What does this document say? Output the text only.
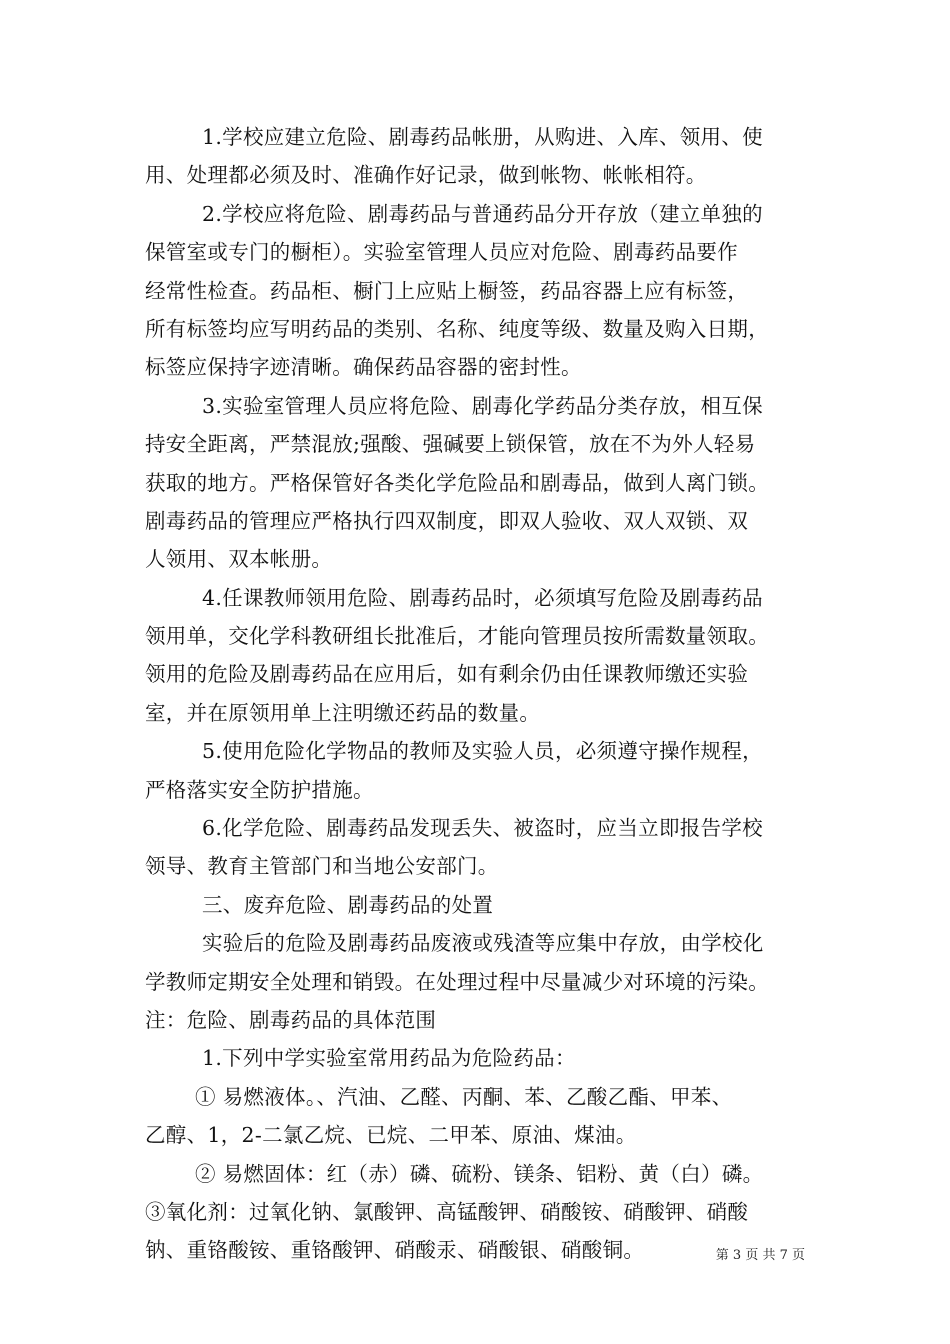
1.学校应建立危险、剧毒药品帐册，从购进、入库、领用、使
用、处理都必须及时、准确作好记录，做到帐物、帐帐相符。
2.学校应将危险、剧毒药品与普通药品分开存放（建立单独的
保管室或专门的橱柜）。实验室管理人员应对危险、剧毒药品要作
经常性检查。药品柜、橱门上应贴上橱签，药品容器上应有标签，
所有标签均应写明药品的类别、名称、纯度等级、数量及购入日期，
标签应保持字迹清晰。确保药品容器的密封性。
3.实验室管理人员应将危险、剧毒化学药品分类存放，相互保
持安全距离，严禁混放;强酸、强碱要上锁保管，放在不为外人轻易
获取的地方。严格保管好各类化学危险品和剧毒品，做到人离门锁。
剧毒药品的管理应严格执行四双制度，即双人验收、双人双锁、双
人领用、双本帐册。
4.任课教师领用危险、剧毒药品时，必须填写危险及剧毒药品
领用单，交化学科教研组长批准后，才能向管理员按所需数量领取。
领用的危险及剧毒药品在应用后，如有剩余仍由任课教师缴还实验
室，并在原领用单上注明缴还药品的数量。
5.使用危险化学物品的教师及实验人员，必须遵守操作规程，
严格落实安全防护措施。
6.化学危险、剧毒药品发现丢失、被盗时，应当立即报告学校
领导、教育主管部门和当地公安部门。
三、废弃危险、剧毒药品的处置
实验后的危险及剧毒药品废液或残渣等应集中存放，由学校化
学教师定期安全处理和销毁。在处理过程中尽量减少对环境的污染。
注：危险、剧毒药品的具体范围
1.下列中学实验室常用药品为危险药品：
① 易燃液体。、汽油、乙醛、丙酮、苯、乙酸乙酯、甲苯、
乙醇、1，2-二氯乙烷、已烷、二甲苯、原油、煤油。
② 易燃固体：红（赤）磷、硫粉、镁条、铝粉、黄（白）磷。
③氧化剂：过氧化钠、氯酸钾、高锰酸钾、硝酸铵、硝酸钾、硝酸
钠、重铬酸铵、重铬酸钾、硝酸汞、硝酸银、硝酸铜。	第 3 页 共 7 页
